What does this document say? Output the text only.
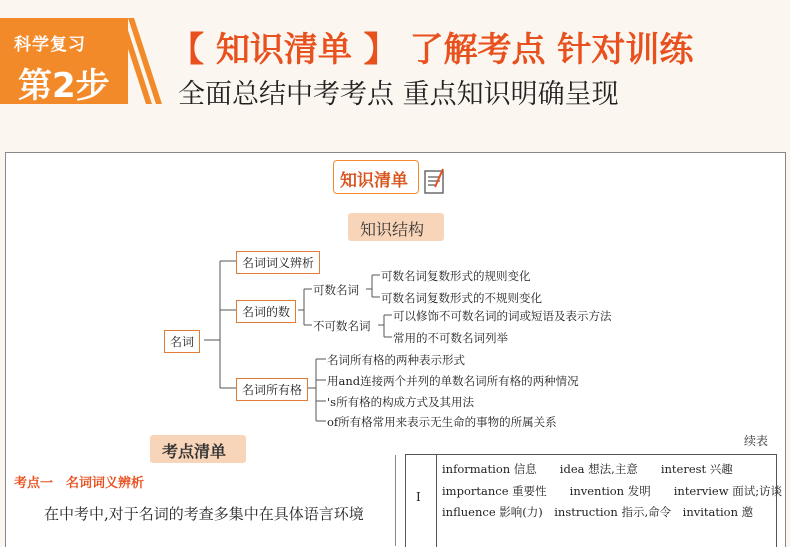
科学复习
第2步
【 知识清单 】 了解考点 针对训练
全面总结中考考点 重点知识明确呈现
知识清单
知识结构
名词
名词词义辨析
名词的数
名词所有格
可数名词
可数名词复数形式的规则变化
可数名词复数形式的不规则变化
不可数名词
可以修饰不可数名词的词或短语及表示方法
常用的不可数名词列举
名词所有格的两种表示形式
用and连接两个并列的单数名词所有格的两种情况
's所有格的构成方式及其用法
of所有格常用来表示无生命的事物的所属关系
考点清单
考点一　名词词义辨析
在中考中,对于名词的考查多集中在具体语言环境
续表
Ⅰ
information 信息　　idea 想法,主意　　interest 兴趣
importance 重要性　　invention 发明　　interview 面试;访谈
influence 影响(力)　instruction 指示,命令　invitation 邀
